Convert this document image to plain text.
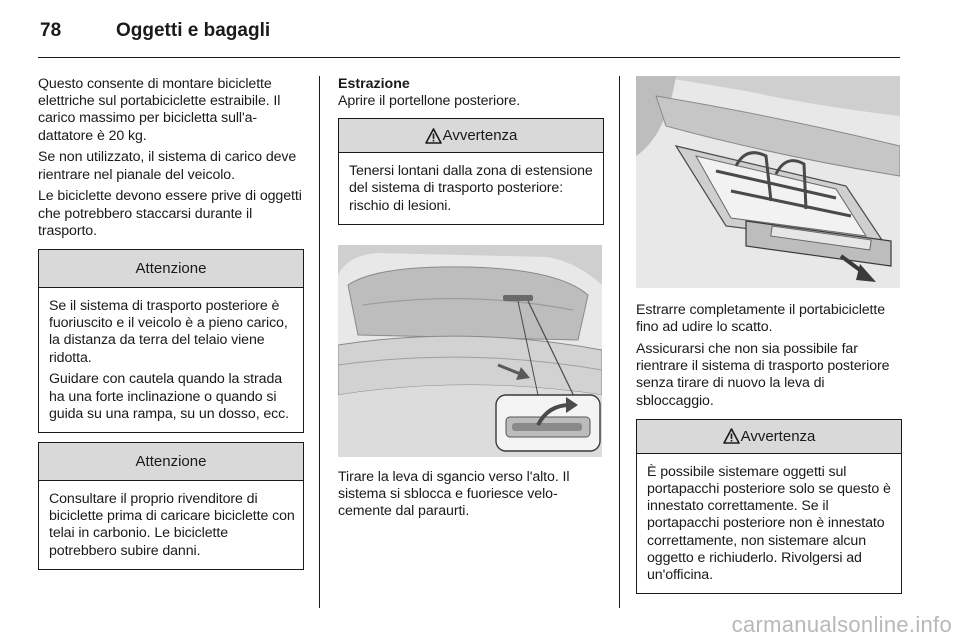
78	Oggetti e bagagli

Questo consente di montare biciclette elettriche sul portabiciclette estraibile. Il carico massimo per bicicletta sull'adattatore è 20 kg.

Se non utilizzato, il sistema di carico deve rientrare nel pianale del veicolo.

Le biciclette devono essere prive di oggetti che potrebbero staccarsi durante il trasporto.

Attenzione

Se il sistema di trasporto posteriore è fuoriuscito e il veicolo è a pieno carico, la distanza da terra del telaio viene ridotta.

Guidare con cautela quando la strada ha una forte inclinazione o quando si guida su una rampa, su un dosso, ecc.

Attenzione

Consultare il proprio rivenditore di biciclette prima di caricare biciclette con telai in carbonio. Le biciclette potrebbero subire danni.

Estrazione

Aprire il portellone posteriore.

Avvertenza

Tenersi lontani dalla zona di estensione del sistema di trasporto posteriore: rischio di lesioni.

Tirare la leva di sgancio verso l'alto. Il sistema si sblocca e fuoriesce velocemente dal paraurti.

Estrarre completamente il portabiciclette fino ad udire lo scatto.

Assicurarsi che non sia possibile far rientrare il sistema di trasporto posteriore senza tirare di nuovo la leva di sbloccaggio.

Avvertenza

È possibile sistemare oggetti sul portapacchi posteriore solo se questo è innestato correttamente. Se il portapacchi posteriore non è innestato correttamente, non sistemare alcun oggetto e richiuderlo. Rivolgersi ad un'officina.

carmanualsonline.info
